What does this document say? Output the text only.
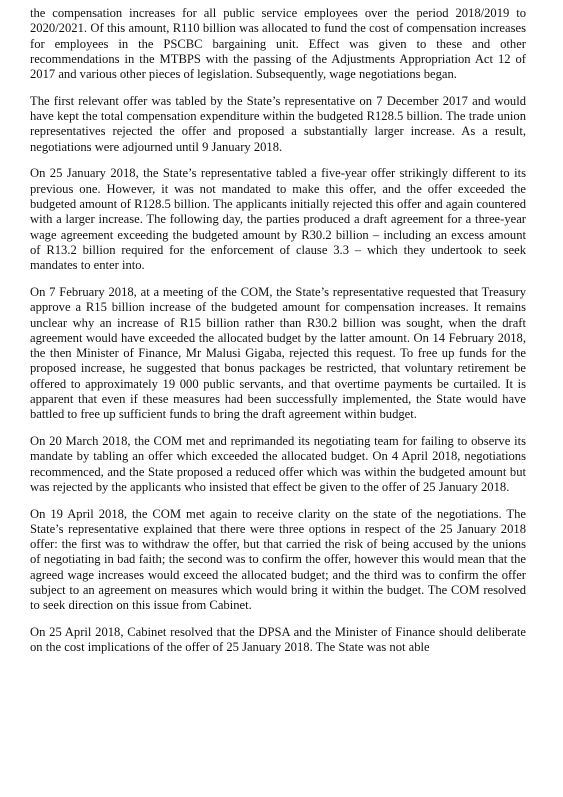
the compensation increases for all public service employees over the period 2018/2019 to 2020/2021. Of this amount, R110 billion was allocated to fund the cost of compensation increases for employees in the PSCBC bargaining unit. Effect was given to these and other recommendations in the MTBPS with the passing of the Adjustments Appropriation Act 12 of 2017 and various other pieces of legislation. Subsequently, wage negotiations began.

The first relevant offer was tabled by the State’s representative on 7 December 2017 and would have kept the total compensation expenditure within the budgeted R128.5 billion. The trade union representatives rejected the offer and proposed a substantially larger increase. As a result, negotiations were adjourned until 9 January 2018.

On 25 January 2018, the State’s representative tabled a five-year offer strikingly different to its previous one. However, it was not mandated to make this offer, and the offer exceeded the budgeted amount of R128.5 billion. The applicants initially rejected this offer and again countered with a larger increase. The following day, the parties produced a draft agreement for a three-year wage agreement exceeding the budgeted amount by R30.2 billion – including an excess amount of R13.2 billion required for the enforcement of clause 3.3 – which they undertook to seek mandates to enter into.

On 7 February 2018, at a meeting of the COM, the State’s representative requested that Treasury approve a R15 billion increase of the budgeted amount for compensation increases. It remains unclear why an increase of R15 billion rather than R30.2 billion was sought, when the draft agreement would have exceeded the allocated budget by the latter amount. On 14 February 2018, the then Minister of Finance, Mr Malusi Gigaba, rejected this request. To free up funds for the proposed increase, he suggested that bonus packages be restricted, that voluntary retirement be offered to approximately 19 000 public servants, and that overtime payments be curtailed. It is apparent that even if these measures had been successfully implemented, the State would have battled to free up sufficient funds to bring the draft agreement within budget.

On 20 March 2018, the COM met and reprimanded its negotiating team for failing to observe its mandate by tabling an offer which exceeded the allocated budget. On 4 April 2018, negotiations recommenced, and the State proposed a reduced offer which was within the budgeted amount but was rejected by the applicants who insisted that effect be given to the offer of 25 January 2018.

On 19 April 2018, the COM met again to receive clarity on the state of the negotiations. The State’s representative explained that there were three options in respect of the 25 January 2018 offer: the first was to withdraw the offer, but that carried the risk of being accused by the unions of negotiating in bad faith; the second was to confirm the offer, however this would mean that the agreed wage increases would exceed the allocated budget; and the third was to confirm the offer subject to an agreement on measures which would bring it within the budget. The COM resolved to seek direction on this issue from Cabinet.

On 25 April 2018, Cabinet resolved that the DPSA and the Minister of Finance should deliberate on the cost implications of the offer of 25 January 2018. The State was not able
